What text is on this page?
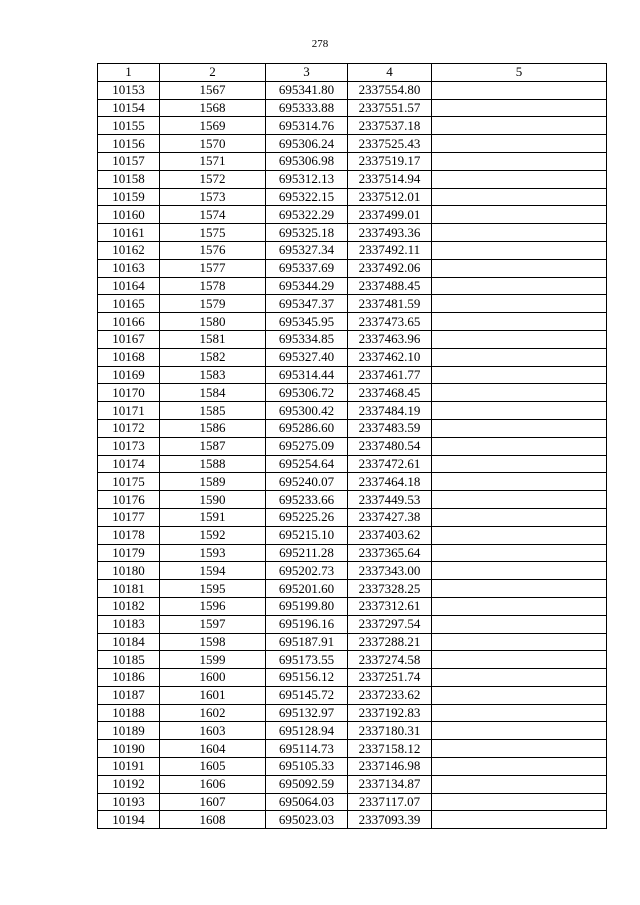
278
1	2	3	4	5
10153	1567	695341.80	2337554.80	
10154	1568	695333.88	2337551.57	
10155	1569	695314.76	2337537.18	
10156	1570	695306.24	2337525.43	
10157	1571	695306.98	2337519.17	
10158	1572	695312.13	2337514.94	
10159	1573	695322.15	2337512.01	
10160	1574	695322.29	2337499.01	
10161	1575	695325.18	2337493.36	
10162	1576	695327.34	2337492.11	
10163	1577	695337.69	2337492.06	
10164	1578	695344.29	2337488.45	
10165	1579	695347.37	2337481.59	
10166	1580	695345.95	2337473.65	
10167	1581	695334.85	2337463.96	
10168	1582	695327.40	2337462.10	
10169	1583	695314.44	2337461.77	
10170	1584	695306.72	2337468.45	
10171	1585	695300.42	2337484.19	
10172	1586	695286.60	2337483.59	
10173	1587	695275.09	2337480.54	
10174	1588	695254.64	2337472.61	
10175	1589	695240.07	2337464.18	
10176	1590	695233.66	2337449.53	
10177	1591	695225.26	2337427.38	
10178	1592	695215.10	2337403.62	
10179	1593	695211.28	2337365.64	
10180	1594	695202.73	2337343.00	
10181	1595	695201.60	2337328.25	
10182	1596	695199.80	2337312.61	
10183	1597	695196.16	2337297.54	
10184	1598	695187.91	2337288.21	
10185	1599	695173.55	2337274.58	
10186	1600	695156.12	2337251.74	
10187	1601	695145.72	2337233.62	
10188	1602	695132.97	2337192.83	
10189	1603	695128.94	2337180.31	
10190	1604	695114.73	2337158.12	
10191	1605	695105.33	2337146.98	
10192	1606	695092.59	2337134.87	
10193	1607	695064.03	2337117.07	
10194	1608	695023.03	2337093.39	
